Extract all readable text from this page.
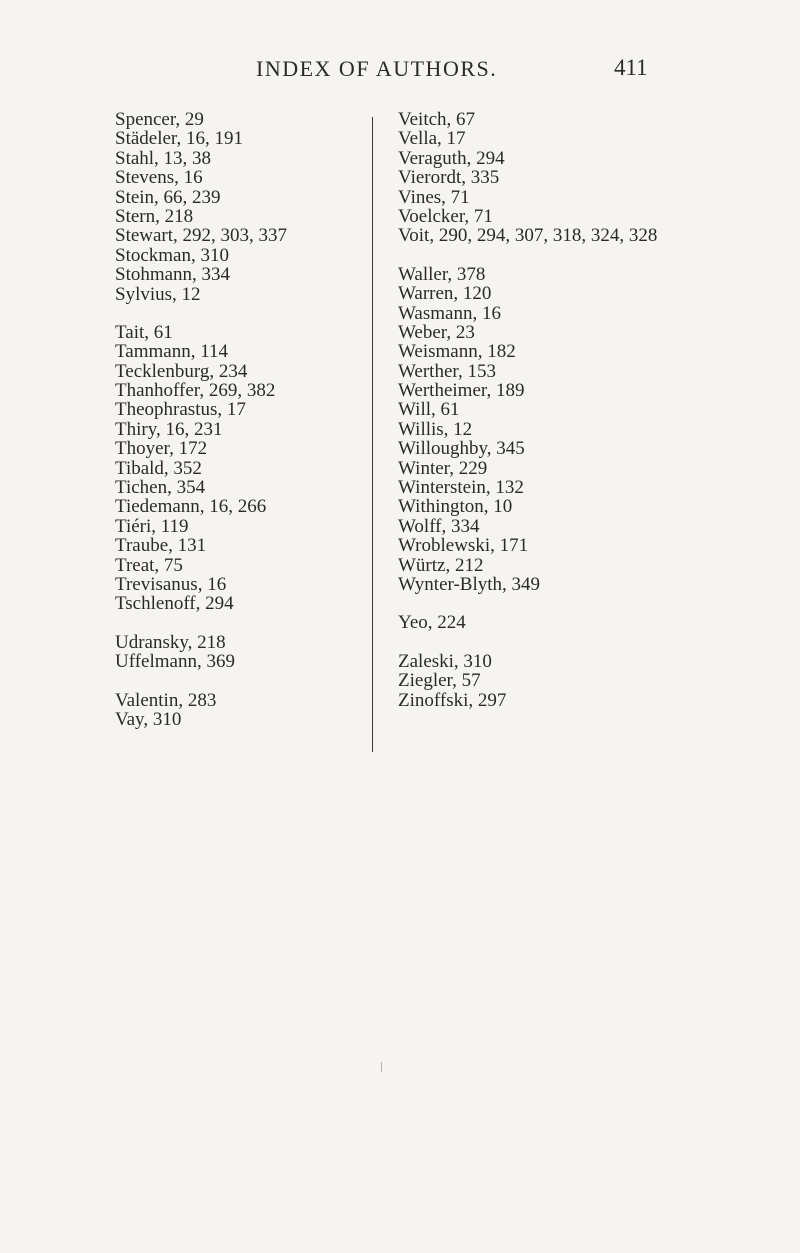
INDEX OF AUTHORS.	411
Spencer, 29
Städeler, 16, 191
Stahl, 13, 38
Stevens, 16
Stein, 66, 239
Stern, 218
Stewart, 292, 303, 337
Stockman, 310
Stohmann, 334
Sylvius, 12
Tait, 61
Tammann, 114
Tecklenburg, 234
Thanhoffer, 269, 382
Theophrastus, 17
Thiry, 16, 231
Thoyer, 172
Tibald, 352
Tichen, 354
Tiedemann, 16, 266
Tiéri, 119
Traube, 131
Treat, 75
Trevisanus, 16
Tschlenoff, 294
Udransky, 218
Uffelmann, 369
Valentin, 283
Vay, 310
Veitch, 67
Vella, 17
Veraguth, 294
Vierordt, 335
Vines, 71
Voelcker, 71
Voit, 290, 294, 307, 318, 324, 328
Waller, 378
Warren, 120
Wasmann, 16
Weber, 23
Weismann, 182
Werther, 153
Wertheimer, 189
Will, 61
Willis, 12
Willoughby, 345
Winter, 229
Winterstein, 132
Withington, 10
Wolff, 334
Wroblewski, 171
Würtz, 212
Wynter-Blyth, 349
Yeo, 224
Zaleski, 310
Ziegler, 57
Zinoffski, 297
